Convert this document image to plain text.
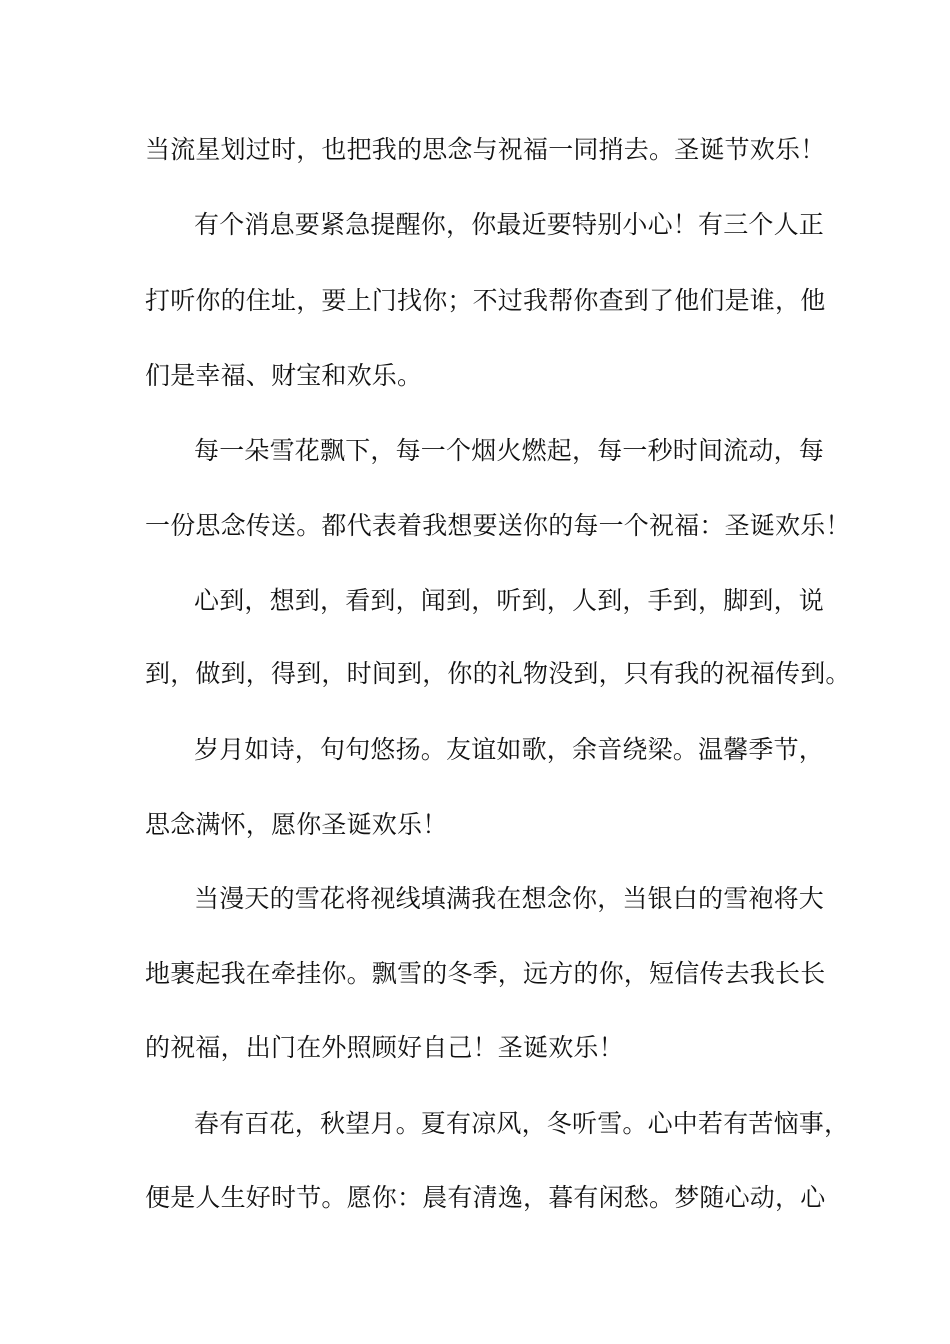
当流星划过时，也把我的思念与祝福一同捎去。圣诞节欢乐！
有个消息要紧急提醒你，你最近要特别小心！有三个人正
打听你的住址，要上门找你；不过我帮你查到了他们是谁，他
们是幸福、财宝和欢乐。
每一朵雪花飘下，每一个烟火燃起，每一秒时间流动，每
一份思念传送。都代表着我想要送你的每一个祝福：圣诞欢乐！
心到，想到，看到，闻到，听到，人到，手到，脚到，说
到，做到，得到，时间到，你的礼物没到，只有我的祝福传到。
岁月如诗，句句悠扬。友谊如歌，余音绕梁。温馨季节，
思念满怀，愿你圣诞欢乐！
当漫天的雪花将视线填满我在想念你，当银白的雪袍将大
地裹起我在牵挂你。飘雪的冬季，远方的你，短信传去我长长
的祝福，出门在外照顾好自己！圣诞欢乐！
春有百花，秋望月。夏有凉风，冬听雪。心中若有苦恼事，
便是人生好时节。愿你：晨有清逸，暮有闲愁。梦随心动，心
